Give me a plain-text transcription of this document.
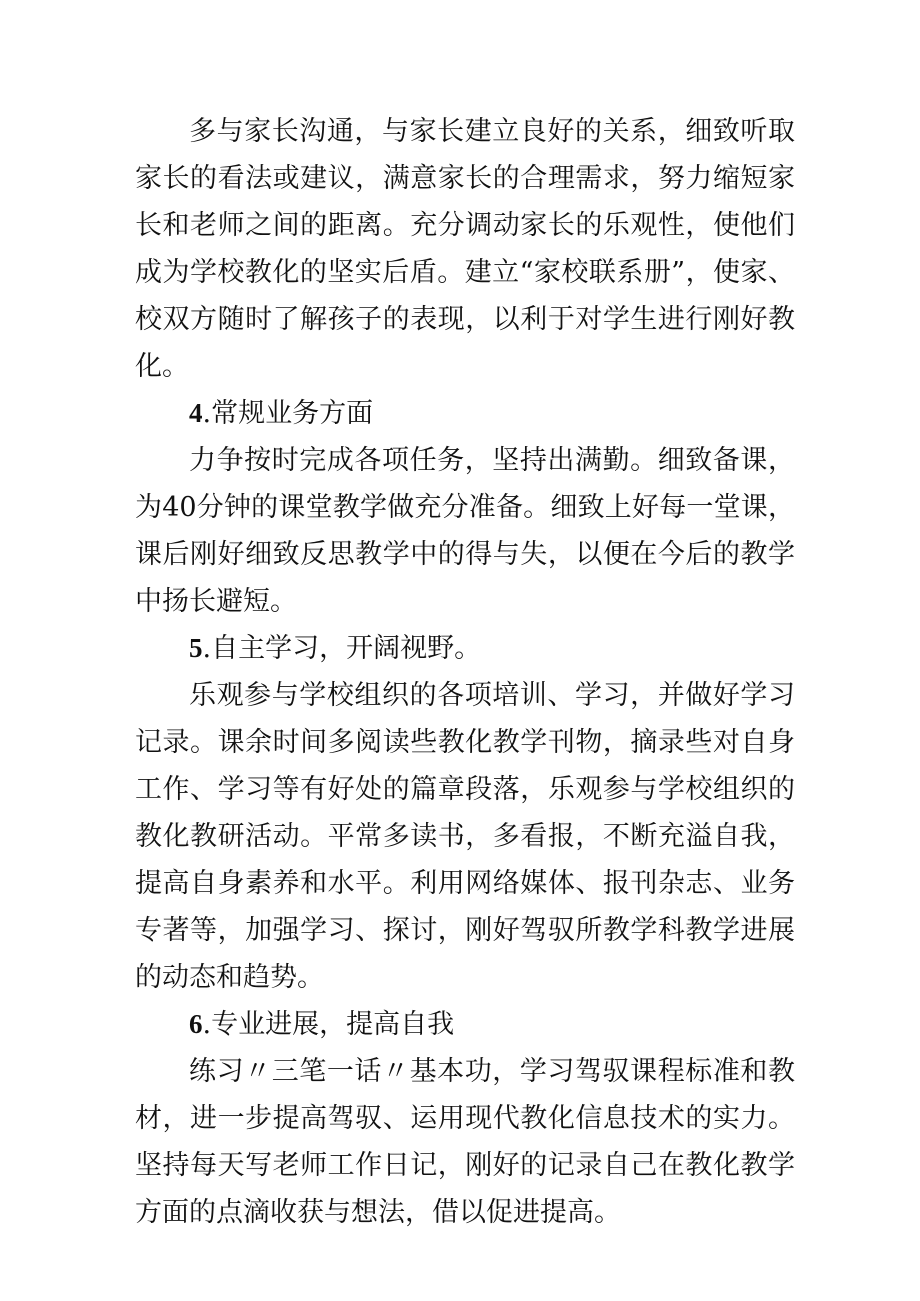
多与家长沟通，与家长建立良好的关系，细致听取家长的看法或建议，满意家长的合理需求，努力缩短家长和老师之间的距离。充分调动家长的乐观性，使他们成为学校教化的坚实后盾。建立“家校联系册”，使家、校双方随时了解孩子的表现，以利于对学生进行刚好教化。

4.常规业务方面

力争按时完成各项任务，坚持出满勤。细致备课，为40分钟的课堂教学做充分准备。细致上好每一堂课，课后刚好细致反思教学中的得与失，以便在今后的教学中扬长避短。

5.自主学习，开阔视野。

乐观参与学校组织的各项培训、学习，并做好学习记录。课余时间多阅读些教化教学刊物，摘录些对自身工作、学习等有好处的篇章段落，乐观参与学校组织的教化教研活动。平常多读书，多看报，不断充溢自我，提高自身素养和水平。利用网络媒体、报刊杂志、业务专著等，加强学习、探讨，刚好驾驭所教学科教学进展的动态和趋势。

6.专业进展，提高自我

练习〃三笔一话〃基本功，学习驾驭课程标准和教材，进一步提高驾驭、运用现代教化信息技术的实力。坚持每天写老师工作日记，刚好的记录自己在教化教学方面的点滴收获与想法，借以促进提高。
